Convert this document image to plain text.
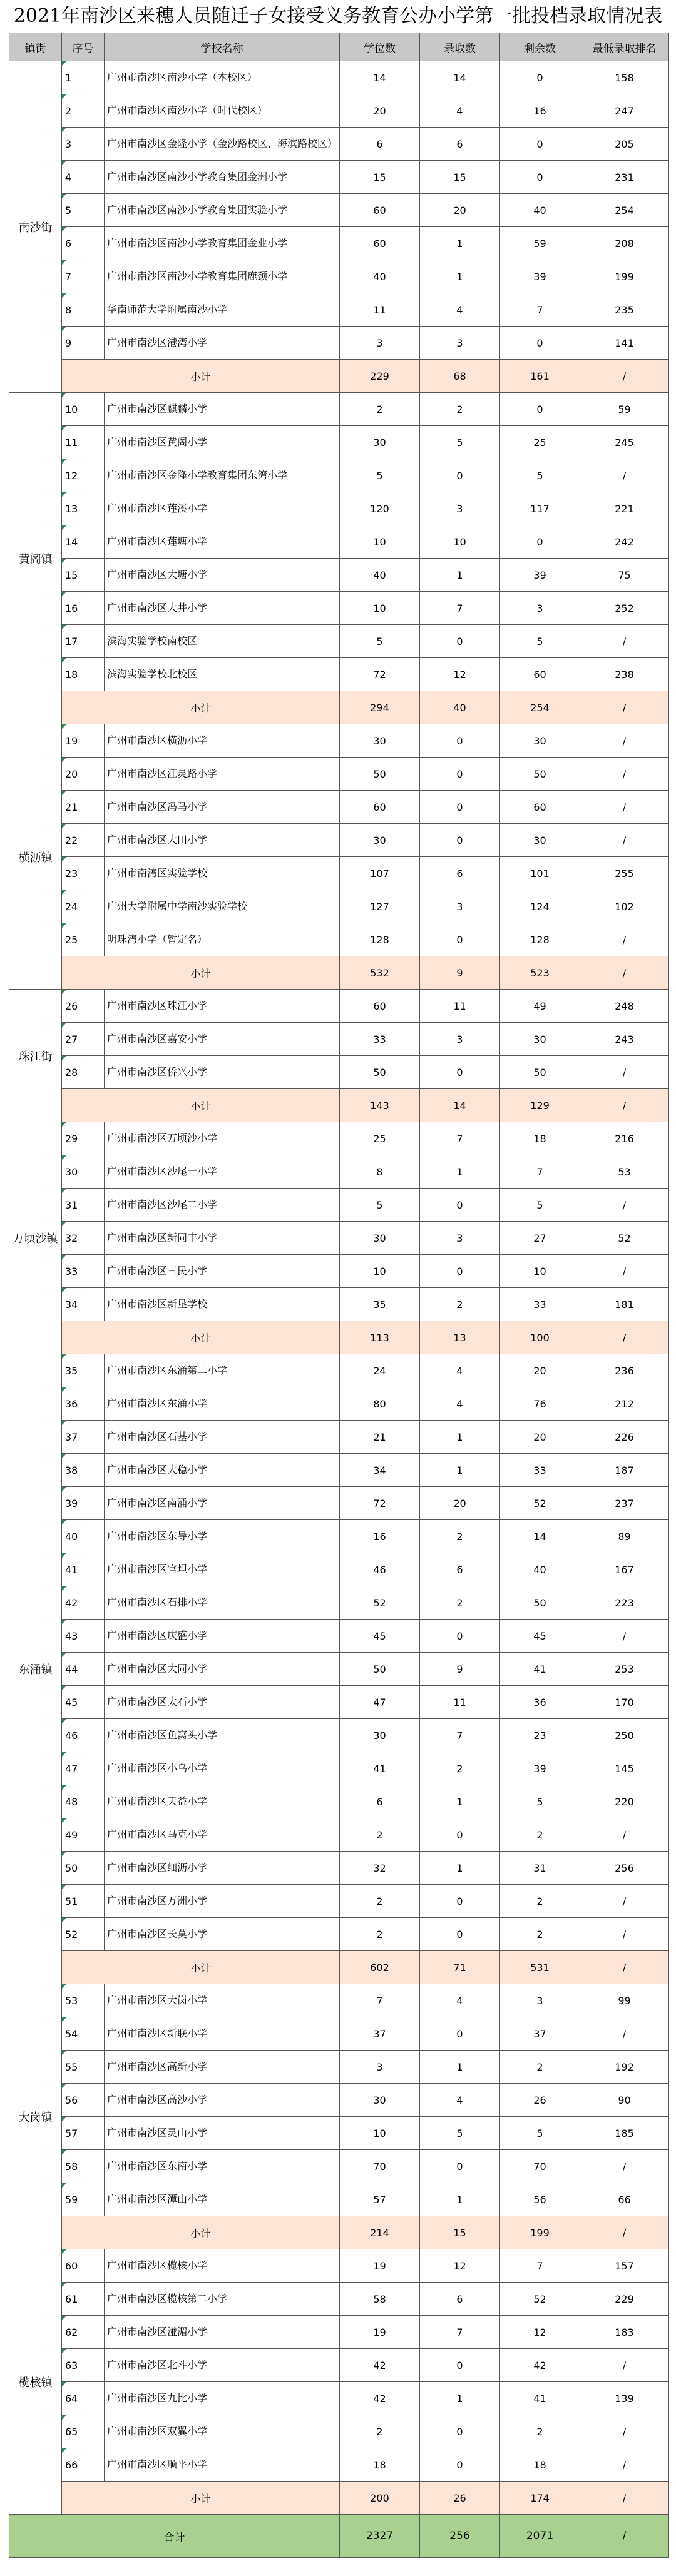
2021年南沙区来穗人员随迁子女接受义务教育公办小学第一批投档录取情况表
镇街	序号	学校名称	学位数	录取数	剩余数	最低录取排名
南沙街	1	广州市南沙区南沙小学（本校区）	14	14	0	158
	2	广州市南沙区南沙小学（时代校区）	20	4	16	247
	3	广州市南沙区金隆小学（金沙路校区、海滨路校区）	6	6	0	205
	4	广州市南沙区南沙小学教育集团金洲小学	15	15	0	231
	5	广州市南沙区南沙小学教育集团实验小学	60	20	40	254
	6	广州市南沙区南沙小学教育集团金业小学	60	1	59	208
	7	广州市南沙区南沙小学教育集团鹿颈小学	40	1	39	199
	8	华南师范大学附属南沙小学	11	4	7	235
	9	广州市南沙区港湾小学	3	3	0	141
	小计		229	68	161	/
黄阁镇	10	广州市南沙区麒麟小学	2	2	0	59
	11	广州市南沙区黄阁小学	30	5	25	245
	12	广州市南沙区金隆小学教育集团东湾小学	5	0	5	/
	13	广州市南沙区莲溪小学	120	3	117	221
	14	广州市南沙区莲塘小学	10	10	0	242
	15	广州市南沙区大塘小学	40	1	39	75
	16	广州市南沙区大井小学	10	7	3	252
	17	滨海实验学校南校区	5	0	5	/
	18	滨海实验学校北校区	72	12	60	238
	小计		294	40	254	/
横沥镇	19	广州市南沙区横沥小学	30	0	30	/
	20	广州市南沙区江灵路小学	50	0	50	/
	21	广州市南沙区冯马小学	60	0	60	/
	22	广州市南沙区大田小学	30	0	30	/
	23	广州市南湾区实验学校	107	6	101	255
	24	广州大学附属中学南沙实验学校	127	3	124	102
	25	明珠湾小学（暂定名）	128	0	128	/
	小计		532	9	523	/
珠江街	26	广州市南沙区珠江小学	60	11	49	248
	27	广州市南沙区嘉安小学	33	3	30	243
	28	广州市南沙区侨兴小学	50	0	50	/
	小计		143	14	129	/
万顷沙镇	29	广州市南沙区万顷沙小学	25	7	18	216
	30	广州市南沙区沙尾一小学	8	1	7	53
	31	广州市南沙区沙尾二小学	5	0	5	/
	32	广州市南沙区新同丰小学	30	3	27	52
	33	广州市南沙区三民小学	10	0	10	/
	34	广州市南沙区新垦学校	35	2	33	181
	小计		113	13	100	/
东涌镇	35	广州市南沙区东涌第二小学	24	4	20	236
	36	广州市南沙区东涌小学	80	4	76	212
	37	广州市南沙区石基小学	21	1	20	226
	38	广州市南沙区大稳小学	34	1	33	187
	39	广州市南沙区南涌小学	72	20	52	237
	40	广州市南沙区东导小学	16	2	14	89
	41	广州市南沙区官坦小学	46	6	40	167
	42	广州市南沙区石排小学	52	2	50	223
	43	广州市南沙区庆盛小学	45	0	45	/
	44	广州市南沙区大同小学	50	9	41	253
	45	广州市南沙区太石小学	47	11	36	170
	46	广州市南沙区鱼窝头小学	30	7	23	250
	47	广州市南沙区小乌小学	41	2	39	145
	48	广州市南沙区天益小学	6	1	5	220
	49	广州市南沙区马克小学	2	0	2	/
	50	广州市南沙区细沥小学	32	1	31	256
	51	广州市南沙区万洲小学	2	0	2	/
	52	广州市南沙区长莫小学	2	0	2	/
	小计		602	71	531	/
大岗镇	53	广州市南沙区大岗小学	7	4	3	99
	54	广州市南沙区新联小学	37	0	37	/
	55	广州市南沙区高新小学	3	1	2	192
	56	广州市南沙区高沙小学	30	4	26	90
	57	广州市南沙区灵山小学	10	5	5	185
	58	广州市南沙区东南小学	70	0	70	/
	59	广州市南沙区潭山小学	57	1	56	66
	小计		214	15	199	/
榄核镇	60	广州市南沙区榄核小学	19	12	7	157
	61	广州市南沙区榄核第二小学	58	6	52	229
	62	广州市南沙区湴湄小学	19	7	12	183
	63	广州市南沙区北斗小学	42	0	42	/
	64	广州市南沙区九比小学	42	1	41	139
	65	广州市南沙区双翼小学	2	0	2	/
	66	广州市南沙区顺平小学	18	0	18	/
	小计		200	26	174	/
合计			2327	256	2071	/
